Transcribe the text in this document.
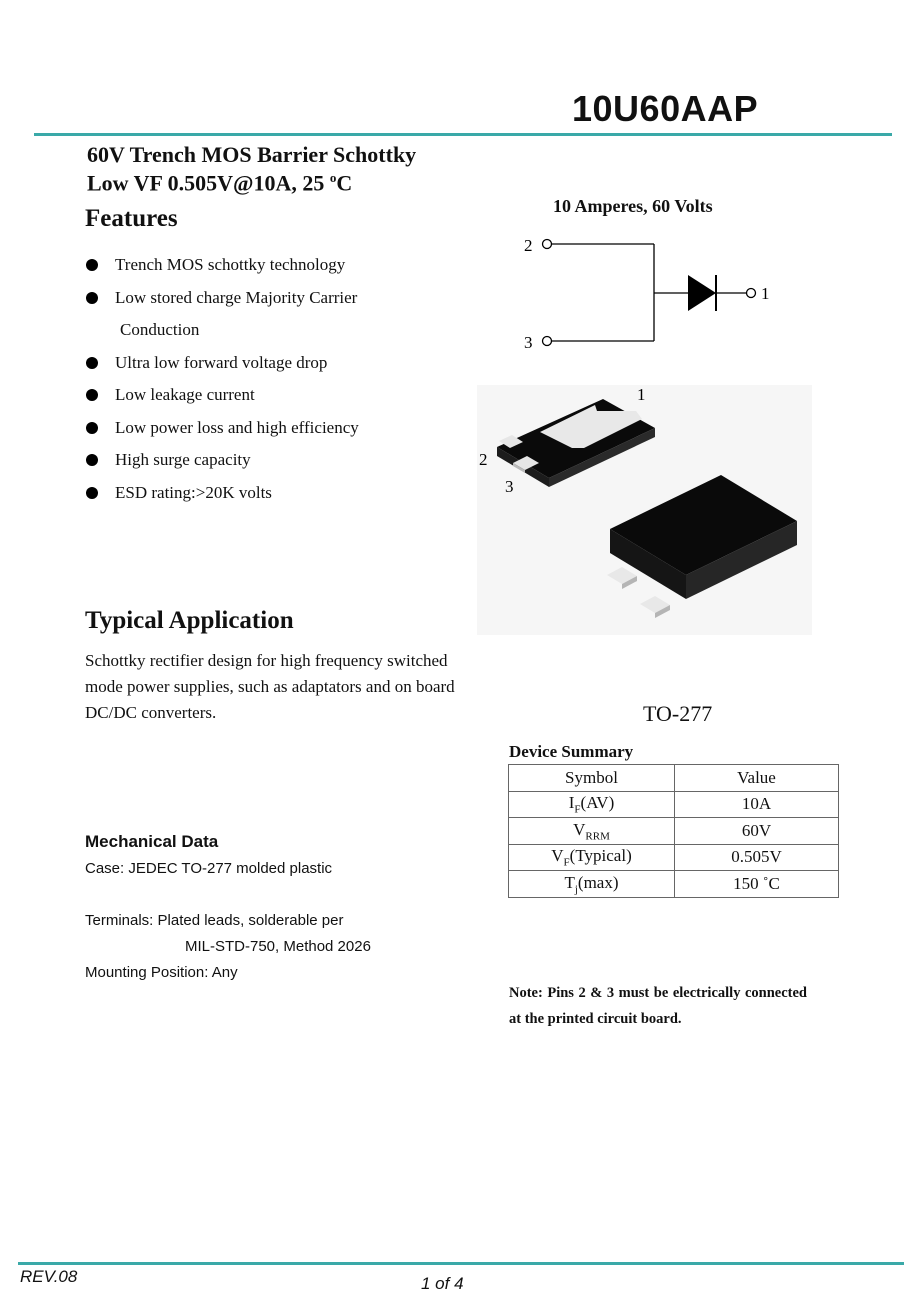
10U60AAP
60V Trench MOS Barrier Schottky
Low VF 0.505V@10A, 25 $^o$C
Features
Trench MOS schottky technology
Low stored charge Majority Carrier
Conduction
Ultra low forward voltage drop
Low leakage current
Low power loss and high efficiency
High surge capacity
ESD rating:>20K volts
Typical Application
Schottky rectifier design for high frequency switched mode power supplies, such as adaptators and on board DC/DC converters.
Mechanical Data
Case: JEDEC TO-277 molded plastic
Terminals: Plated leads, solderable per
MIL-STD-750, Method 2026
Mounting Position: Any
10 Amperes, 60 Volts
2
3
1
1
2
3
TO-277
Device Summary
Symbol	Value
$I_F(AV)$	10A
$V_{RRM}$	60V
$V_F(Typical)$	0.505V
$T_j(\max)$	150 ˚C
Note: Pins 2 & 3 must be electrically connected at the printed circuit board.
REV.08	1 of 4
